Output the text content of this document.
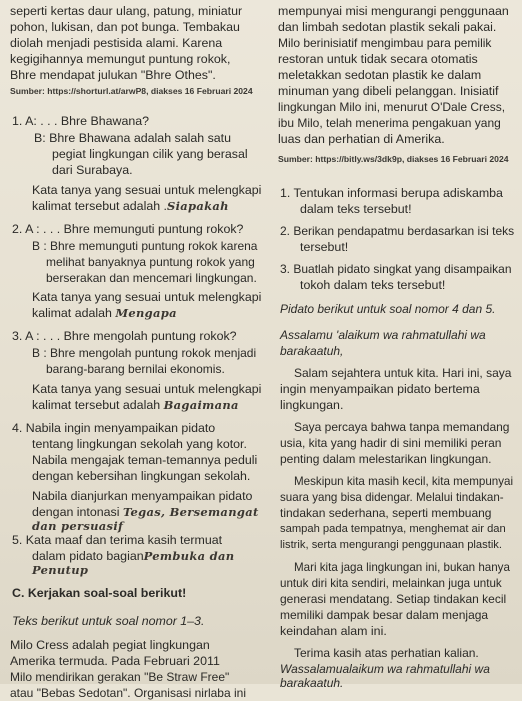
seperti kertas daur ulang, patung, miniatur
pohon, lukisan, dan pot bunga. Tembakau
diolah menjadi pestisida alami. Karena
kegigihannya memungut puntung rokok,
Bhre mendapat julukan "Bhre Othes".
Sumber: https://shorturl.at/arwP8, diakses 16 Februari 2024
1. A: . . . Bhre Bhawana?
B: Bhre Bhawana adalah salah satu
pegiat lingkungan cilik yang berasal
dari Surabaya.
Kata tanya yang sesuai untuk melengkapi
kalimat tersebut adalah .Siapakah
2. A : . . . Bhre memunguti puntung rokok?
B : Bhre memunguti puntung rokok karena
melihat banyaknya puntung rokok yang
berserakan dan mencemari lingkungan.
Kata tanya yang sesuai untuk melengkapi
kalimat adalah Mengapa
3. A : . . . Bhre mengolah puntung rokok?
B : Bhre mengolah puntung rokok menjadi
barang-barang bernilai ekonomis.
Kata tanya yang sesuai untuk melengkapi
kalimat tersebut adalah Bagaimana
4. Nabila ingin menyampaikan pidato
tentang lingkungan sekolah yang kotor.
Nabila mengajak teman-temannya peduli
dengan kebersihan lingkungan sekolah.
Nabila dianjurkan menyampaikan pidato
dengan intonasi Tegas, Bersemangat
dan persuasif
5. Kata maaf dan terima kasih termuat
dalam pidato bagianPembuka dan
Penutup
C. Kerjakan soal-soal berikut!
Teks berikut untuk soal nomor 1–3.
Milo Cress adalah pegiat lingkungan
Amerika termuda. Pada Februari 2011
Milo mendirikan gerakan "Be Straw Free"
atau "Bebas Sedotan". Organisasi nirlaba ini
mempunyai misi mengurangi penggunaan
dan limbah sedotan plastik sekali pakai.
Milo berinisiatif mengimbau para pemilik
restoran untuk tidak secara otomatis
meletakkan sedotan plastik ke dalam
minuman yang dibeli pelanggan. Inisiatif
lingkungan Milo ini, menurut O'Dale Cress,
ibu Milo, telah menerima pengakuan yang
luas dan perhatian di Amerika.
Sumber: https://bitly.ws/3dk9p, diakses 16 Februari 2024
1. Tentukan informasi berupa adiskamba
dalam teks tersebut!
2. Berikan pendapatmu berdasarkan isi teks
tersebut!
3. Buatlah pidato singkat yang disampaikan
tokoh dalam teks tersebut!
Pidato berikut untuk soal nomor 4 dan 5.
Assalamu 'alaikum wa rahmatullahi wa
barakaatuh,
Salam sejahtera untuk kita. Hari ini, saya
ingin menyampaikan pidato bertema
lingkungan.
Saya percaya bahwa tanpa memandang
usia, kita yang hadir di sini memiliki peran
penting dalam melestarikan lingkungan.
Meskipun kita masih kecil, kita mempunyai
suara yang bisa didengar. Melalui tindakan-
tindakan sederhana, seperti membuang
sampah pada tempatnya, menghemat air dan
listrik, serta mengurangi penggunaan plastik.
Mari kita jaga lingkungan ini, bukan hanya
untuk diri kita sendiri, melainkan juga untuk
generasi mendatang. Setiap tindakan kecil
memiliki dampak besar dalam menjaga
keindahan alam ini.
Terima kasih atas perhatian kalian.
Wassalamualaikum wa rahmatullahi wa
barakaatuh.
